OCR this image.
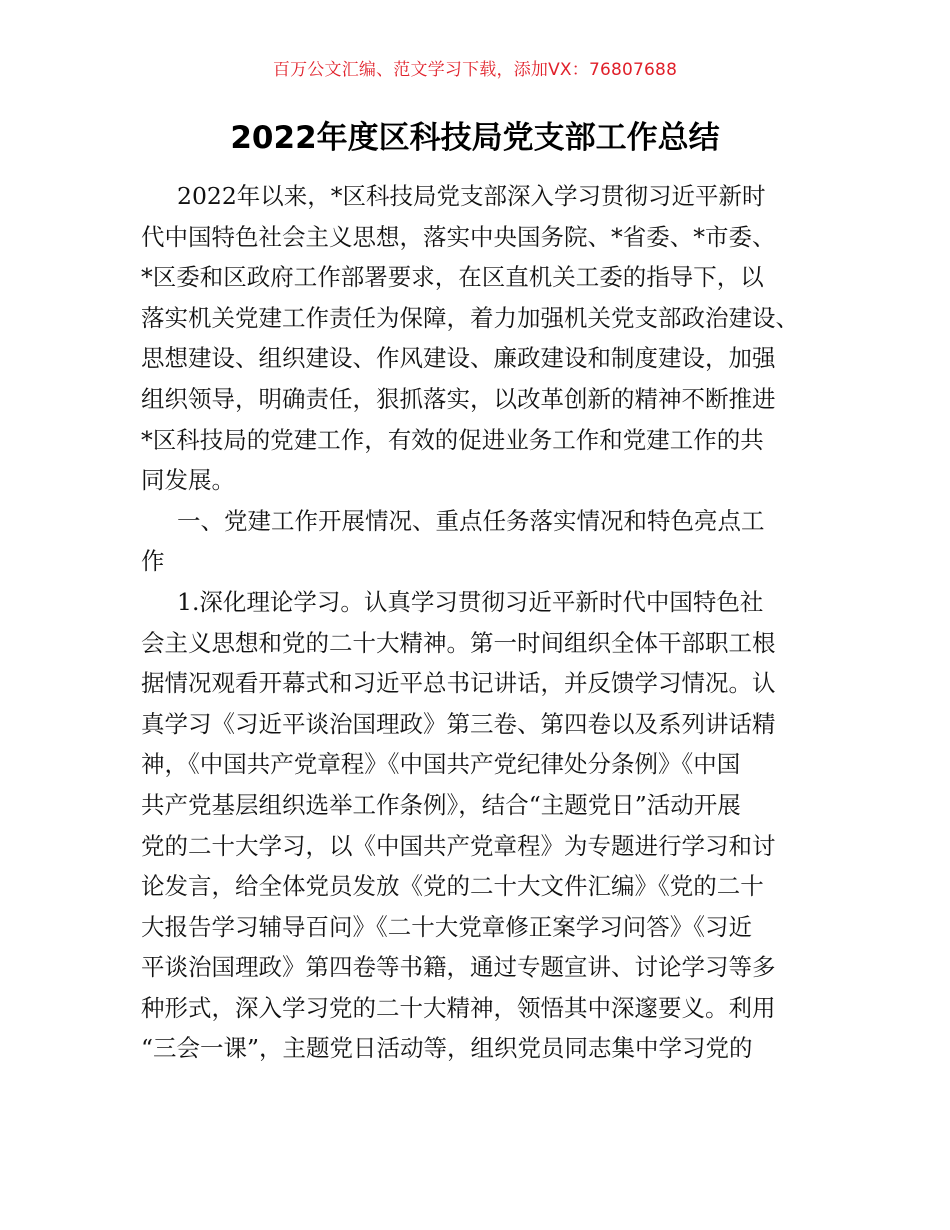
百万公文汇编、范文学习下载，添加VX：76807688
2022年度区科技局党支部工作总结
2022年以来，*区科技局党支部深入学习贯彻习近平新时
代中国特色社会主义思想，落实中央国务院、*省委、*市委、
*区委和区政府工作部署要求，在区直机关工委的指导下，以
落实机关党建工作责任为保障，着力加强机关党支部政治建设、
思想建设、组织建设、作风建设、廉政建设和制度建设，加强
组织领导，明确责任，狠抓落实，以改革创新的精神不断推进
*区科技局的党建工作，有效的促进业务工作和党建工作的共
同发展。
一、党建工作开展情况、重点任务落实情况和特色亮点工
作
1.深化理论学习。认真学习贯彻习近平新时代中国特色社
会主义思想和党的二十大精神。第一时间组织全体干部职工根
据情况观看开幕式和习近平总书记讲话，并反馈学习情况。认
真学习《习近平谈治国理政》第三卷、第四卷以及系列讲话精
神，《中国共产党章程》《中国共产党纪律处分条例》《中国
共产党基层组织选举工作条例》，结合“主题党日”活动开展
党的二十大学习，以《中国共产党章程》为专题进行学习和讨
论发言，给全体党员发放《党的二十大文件汇编》《党的二十
大报告学习辅导百问》《二十大党章修正案学习问答》《习近
平谈治国理政》第四卷等书籍，通过专题宣讲、讨论学习等多
种形式，深入学习党的二十大精神，领悟其中深邃要义。利用
“三会一课”，主题党日活动等，组织党员同志集中学习党的
